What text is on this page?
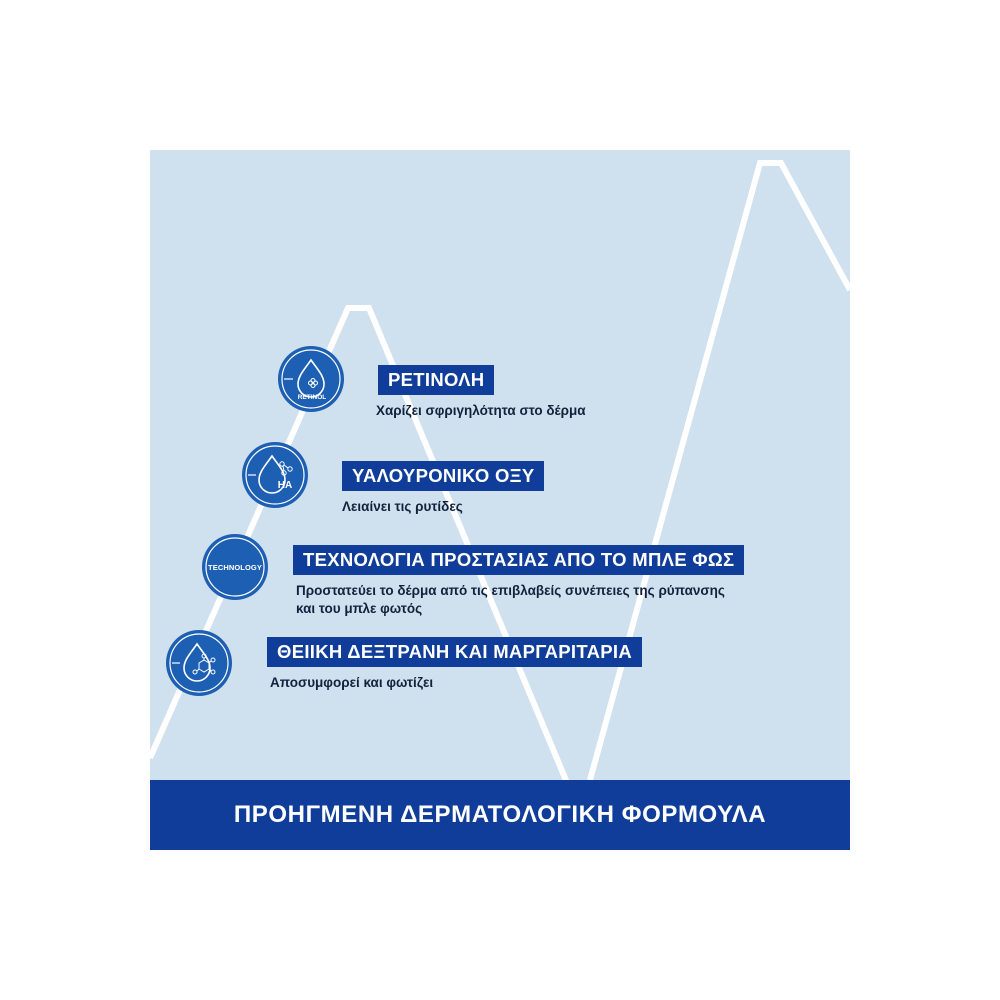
RETINOL
ΡΕΤΙΝΟΛΗ
Χαρίζει σφριγηλότητα στο δέρμα
HA	ΥΑΛΟΥΡΟΝΙΚΟ ΟΞΥ
Λειαίνει τις ρυτίδες
TECHNOLOGY	ΤΕΧΝΟΛΟΓΙΑ ΠΡΟΣΤΑΣΙΑΣ ΑΠΟ ΤΟ ΜΠΛΕ ΦΩΣ
Προστατεύει το δέρμα από τις επιβλαβείς συνέπειες της ρύπανσης
και του μπλε φωτός
ΘΕΙΙΚΗ ΔΕΞΤΡΑΝΗ ΚΑΙ ΜΑΡΓΑΡΙΤΑΡΙΑ
Αποσυμφορεί και φωτίζει
ΠΡΟΗΓΜΕΝΗ ΔΕΡΜΑΤΟΛΟΓΙΚΗ ΦΟΡΜΟΥΛΑ
